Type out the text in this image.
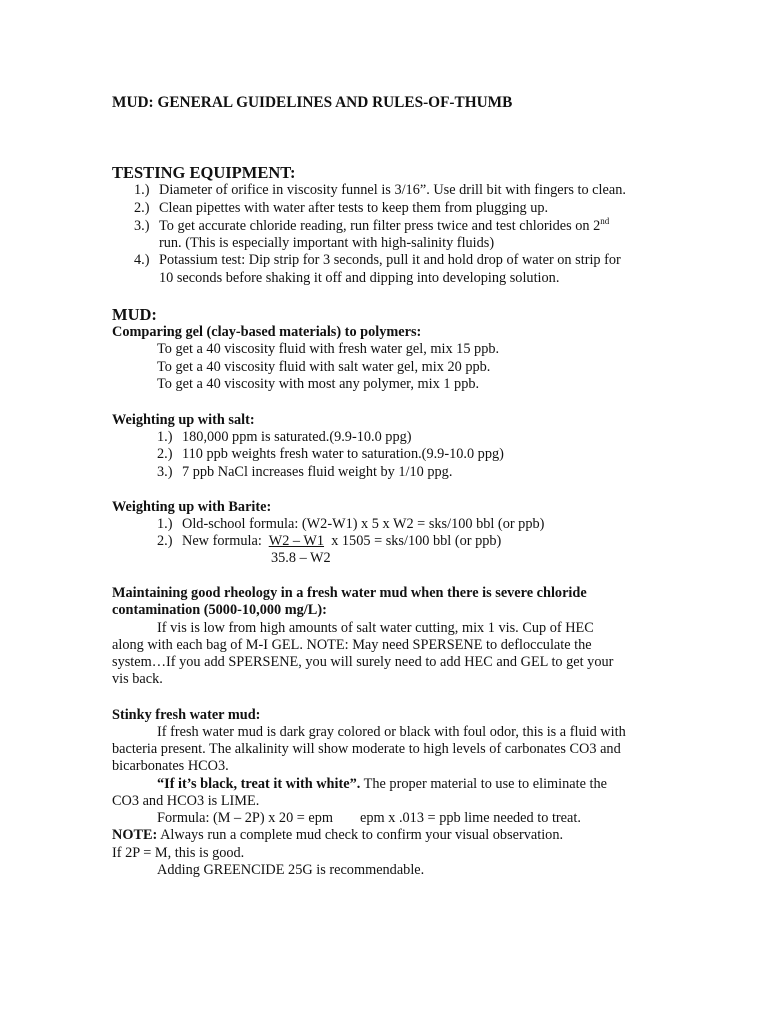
MUD: GENERAL GUIDELINES AND RULES-OF-THUMB
TESTING EQUIPMENT:
1.) Diameter of orifice in viscosity funnel is 3/16”. Use drill bit with fingers to clean.
2.) Clean pipettes with water after tests to keep them from plugging up.
3.) To get accurate chloride reading, run filter press twice and test chlorides on 2nd
run. (This is especially important with high-salinity fluids)
4.) Potassium test: Dip strip for 3 seconds, pull it and hold drop of water on strip for
10 seconds before shaking it off and dipping into developing solution.
MUD:
Comparing gel (clay-based materials) to polymers:
To get a 40 viscosity fluid with fresh water gel, mix 15 ppb.
To get a 40 viscosity fluid with salt water gel, mix 20 ppb.
To get a 40 viscosity with most any polymer, mix 1 ppb.
Weighting up with salt:
1.) 180,000 ppm is saturated.(9.9-10.0 ppg)
2.) 110 ppb weights fresh water to saturation.(9.9-10.0 ppg)
3.) 7 ppb NaCl increases fluid weight by 1/10 ppg.
Weighting up with Barite:
1.) Old-school formula: (W2-W1) x 5 x W2 = sks/100 bbl (or ppb)
2.) New formula: W2 – W1 x 1505 = sks/100 bbl (or ppb)
35.8 – W2
Maintaining good rheology in a fresh water mud when there is severe chloride
contamination (5000-10,000 mg/L):
If vis is low from high amounts of salt water cutting, mix 1 vis. Cup of HEC
along with each bag of M-I GEL. NOTE: May need SPERSENE to deflocculate the
system…If you add SPERSENE, you will surely need to add HEC and GEL to get your
vis back.
Stinky fresh water mud:
If fresh water mud is dark gray colored or black with foul odor, this is a fluid with
bacteria present. The alkalinity will show moderate to high levels of carbonates CO3 and
bicarbonates HCO3.
“If it’s black, treat it with white”. The proper material to use to eliminate the
CO3 and HCO3 is LIME.
Formula: (M – 2P) x 20 = epm epm x .013 = ppb lime needed to treat.
NOTE: Always run a complete mud check to confirm your visual observation.
If 2P = M, this is good.
Adding GREENCIDE 25G is recommendable.
